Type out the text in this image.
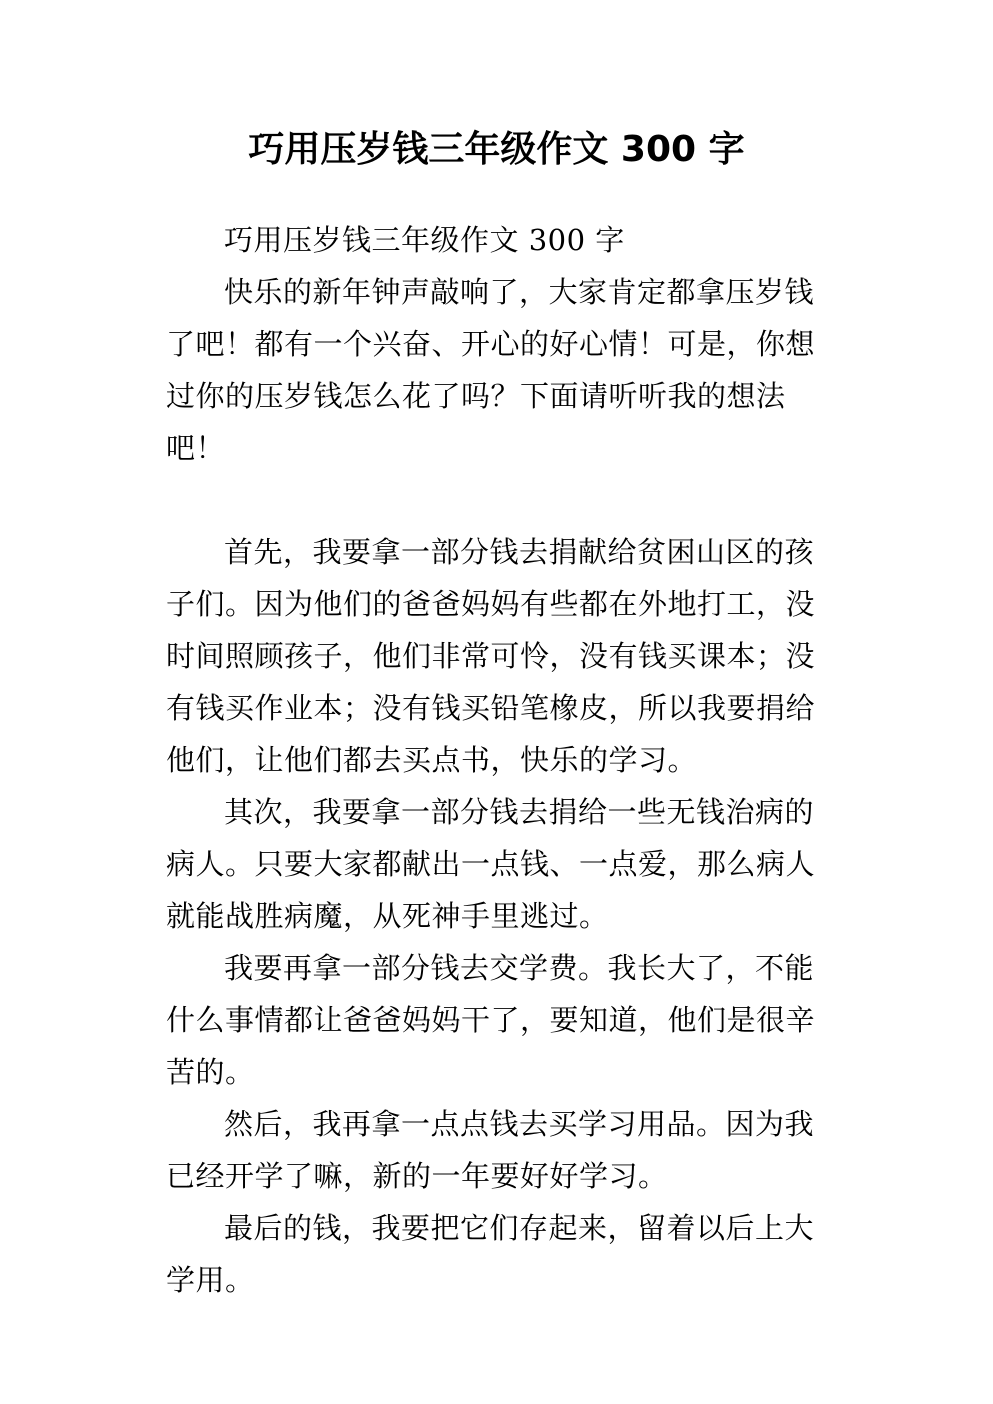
巧用压岁钱三年级作文 300 字

巧用压岁钱三年级作文 300 字

快乐的新年钟声敲响了，大家肯定都拿压岁钱了吧！都有一个兴奋、开心的好心情！可是，你想过你的压岁钱怎么花了吗？下面请听听我的想法吧！

首先，我要拿一部分钱去捐献给贫困山区的孩子们。因为他们的爸爸妈妈有些都在外地打工，没时间照顾孩子，他们非常可怜，没有钱买课本；没有钱买作业本；没有钱买铅笔橡皮，所以我要捐给他们，让他们都去买点书，快乐的学习。

其次，我要拿一部分钱去捐给一些无钱治病的病人。只要大家都献出一点钱、一点爱，那么病人就能战胜病魔，从死神手里逃过。

我要再拿一部分钱去交学费。我长大了，不能什么事情都让爸爸妈妈干了，要知道，他们是很辛苦的。

然后，我再拿一点点钱去买学习用品。因为我已经开学了嘛，新的一年要好好学习。

最后的钱，我要把它们存起来，留着以后上大学用。
